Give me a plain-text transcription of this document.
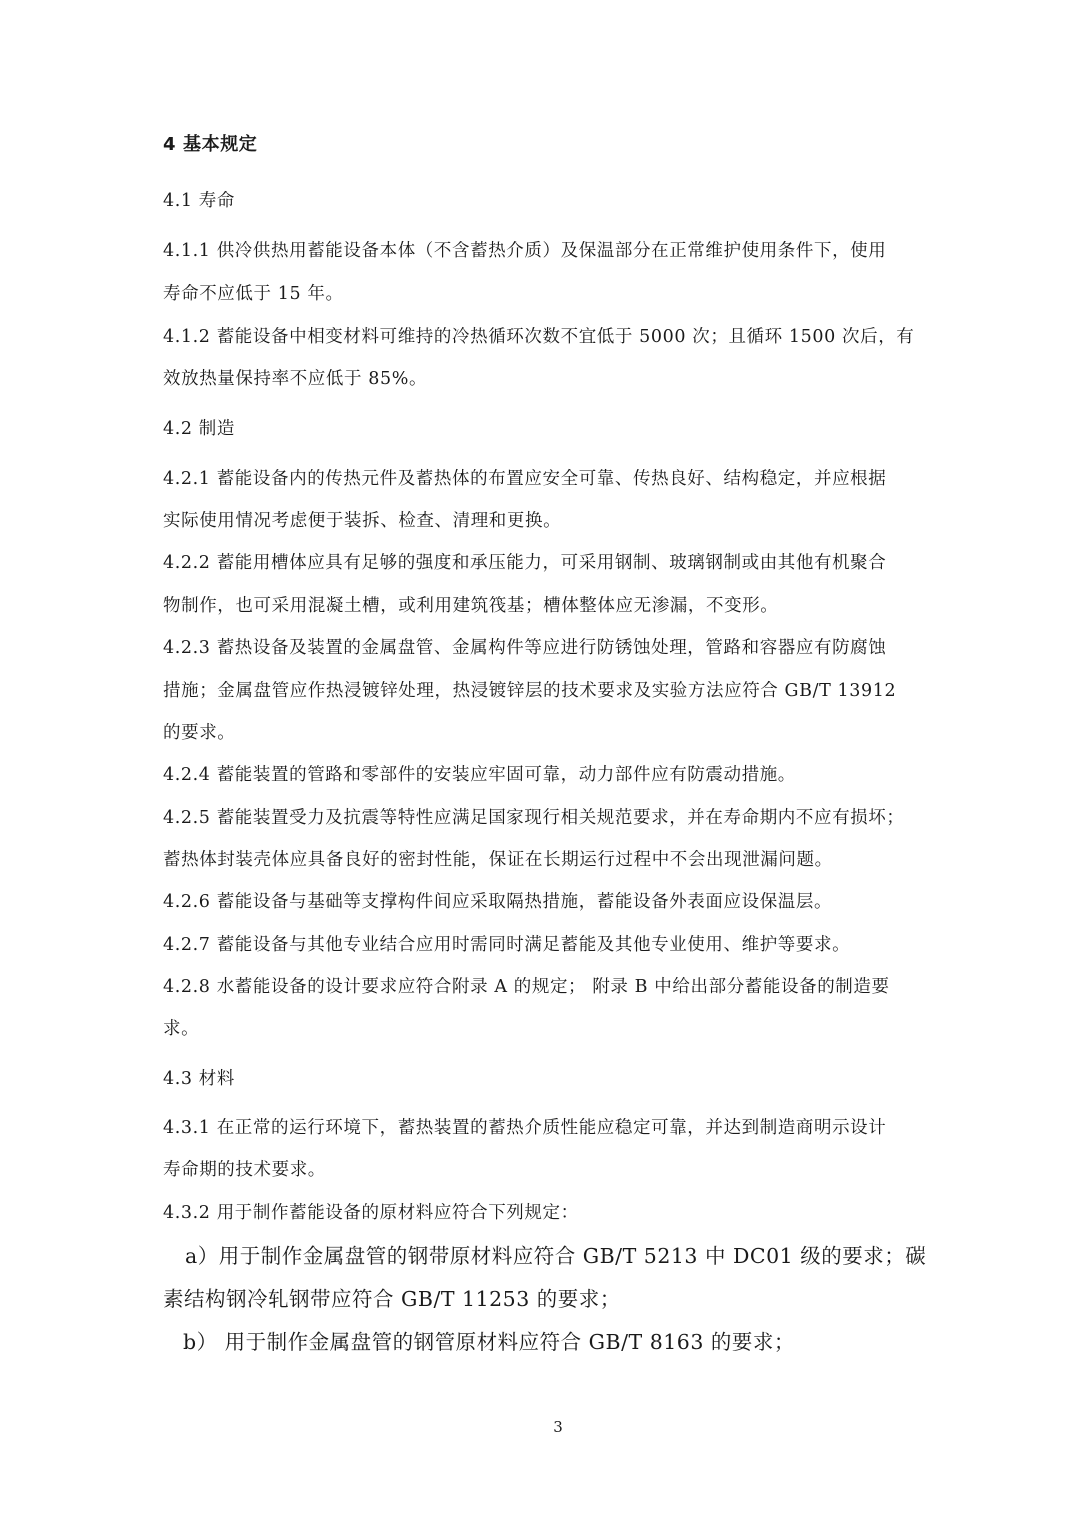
4 基本规定
4.1 寿命
4.1.1 供冷供热用蓄能设备本体（不含蓄热介质）及保温部分在正常维护使用条件下，使用
寿命不应低于 15 年。
4.1.2 蓄能设备中相变材料可维持的冷热循环次数不宜低于 5000 次；且循环 1500 次后，有
效放热量保持率不应低于 85%。
4.2 制造
4.2.1 蓄能设备内的传热元件及蓄热体的布置应安全可靠、传热良好、结构稳定，并应根据
实际使用情况考虑便于装拆、检查、清理和更换。
4.2.2 蓄能用槽体应具有足够的强度和承压能力，可采用钢制、玻璃钢制或由其他有机聚合
物制作，也可采用混凝土槽，或利用建筑筏基；槽体整体应无渗漏，不变形。
4.2.3 蓄热设备及装置的金属盘管、金属构件等应进行防锈蚀处理，管路和容器应有防腐蚀
措施；金属盘管应作热浸镀锌处理，热浸镀锌层的技术要求及实验方法应符合 GB/T 13912
的要求。
4.2.4 蓄能装置的管路和零部件的安装应牢固可靠，动力部件应有防震动措施。
4.2.5 蓄能装置受力及抗震等特性应满足国家现行相关规范要求，并在寿命期内不应有损坏；
蓄热体封装壳体应具备良好的密封性能，保证在长期运行过程中不会出现泄漏问题。
4.2.6 蓄能设备与基础等支撑构件间应采取隔热措施，蓄能设备外表面应设保温层。
4.2.7 蓄能设备与其他专业结合应用时需同时满足蓄能及其他专业使用、维护等要求。
4.2.8 水蓄能设备的设计要求应符合附录 A 的规定； 附录 B 中给出部分蓄能设备的制造要
求。
4.3 材料
4.3.1 在正常的运行环境下，蓄热装置的蓄热介质性能应稳定可靠，并达到制造商明示设计
寿命期的技术要求。
4.3.2 用于制作蓄能设备的原材料应符合下列规定：
a）用于制作金属盘管的钢带原材料应符合 GB/T 5213 中 DC01 级的要求；碳
素结构钢冷轧钢带应符合 GB/T 11253 的要求；
b） 用于制作金属盘管的钢管原材料应符合 GB/T 8163 的要求；
3
